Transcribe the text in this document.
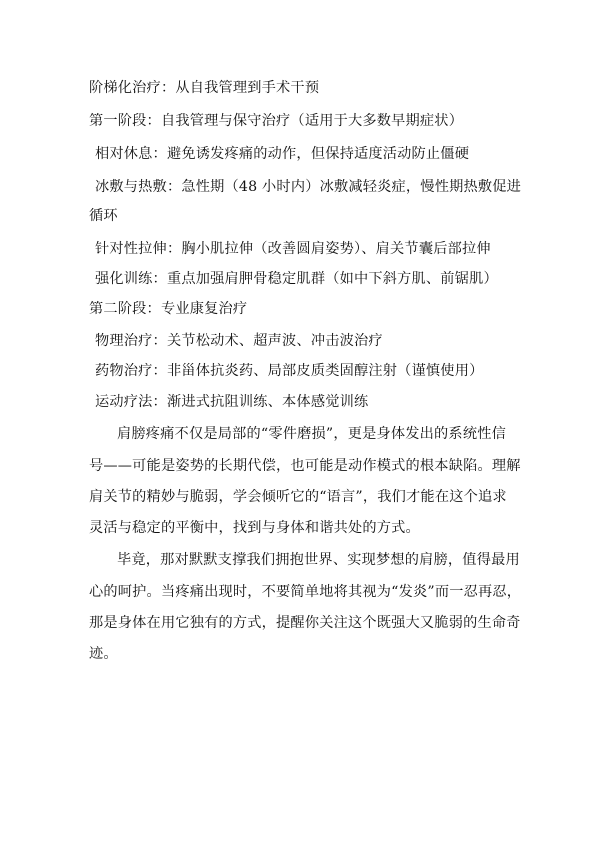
阶梯化治疗：从自我管理到手术干预
第一阶段：自我管理与保守治疗（适用于大多数早期症状）
相对休息：避免诱发疼痛的动作，但保持适度活动防止僵硬
冰敷与热敷：急性期（48 小时内）冰敷减轻炎症，慢性期热敷促进
循环
针对性拉伸：胸小肌拉伸（改善圆肩姿势）、肩关节囊后部拉伸
强化训练：重点加强肩胛骨稳定肌群（如中下斜方肌、前锯肌）
第二阶段：专业康复治疗
物理治疗：关节松动术、超声波、冲击波治疗
药物治疗：非甾体抗炎药、局部皮质类固醇注射（谨慎使用）
运动疗法：渐进式抗阻训练、本体感觉训练
肩膀疼痛不仅是局部的“零件磨损”，更是身体发出的系统性信
号——可能是姿势的长期代偿，也可能是动作模式的根本缺陷。理解
肩关节的精妙与脆弱，学会倾听它的“语言”，我们才能在这个追求
灵活与稳定的平衡中，找到与身体和谐共处的方式。
毕竟，那对默默支撑我们拥抱世界、实现梦想的肩膀，值得最用
心的呵护。当疼痛出现时，不要简单地将其视为“发炎”而一忍再忍，
那是身体在用它独有的方式，提醒你关注这个既强大又脆弱的生命奇
迹。
